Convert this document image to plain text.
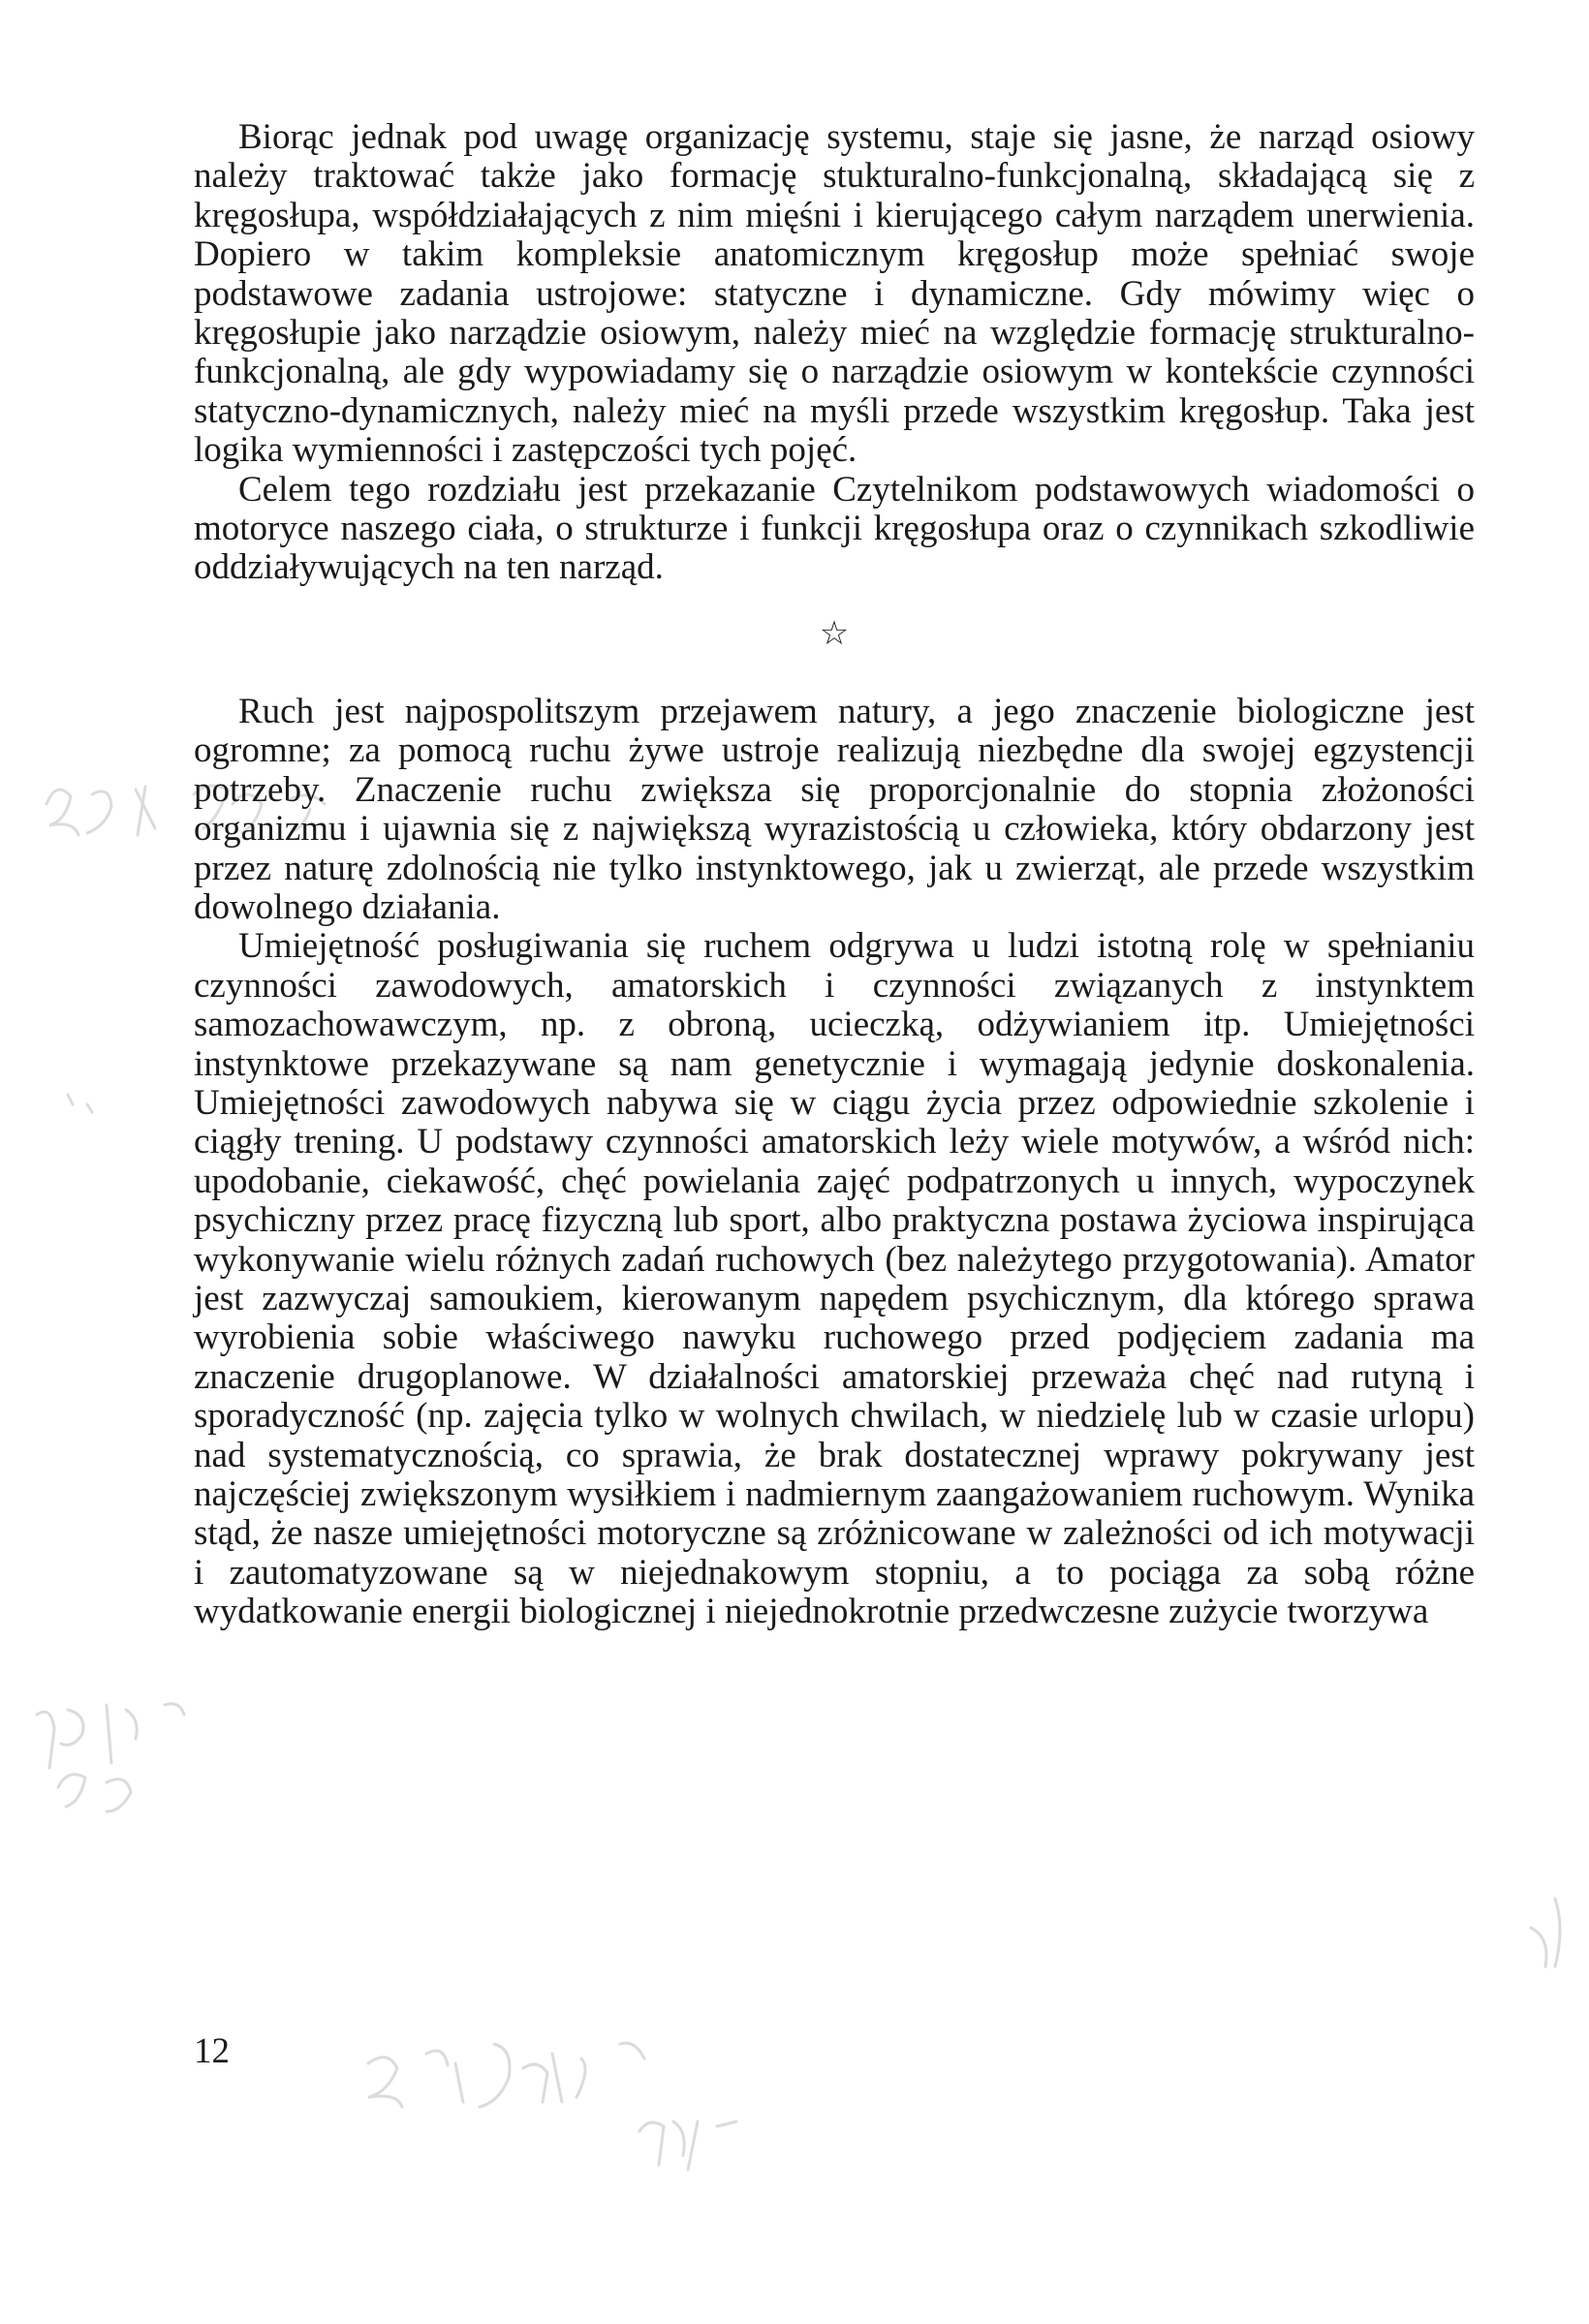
Biorąc jednak pod uwagę organizację systemu, staje się jasne, że narząd osiowy należy traktować także jako formację stukturalno-funkcjonalną, składającą się z kręgosłupa, współdziałających z nim mięśni i kierującego całym narządem unerwienia. Dopiero w takim kompleksie anatomicznym kręgosłup może spełniać swoje podstawowe zadania ustrojowe: statyczne i dynamiczne. Gdy mówimy więc o kręgosłupie jako narządzie osiowym, należy mieć na względzie formację strukturalno-funkcjonalną, ale gdy wypowiadamy się o narządzie osiowym w kontekście czynności statyczno-dynamicznych, należy mieć na myśli przede wszystkim kręgosłup. Taka jest logika wymienności i zastępczości tych pojęć.

Celem tego rozdziału jest przekazanie Czytelnikom podstawowych wiadomości o motoryce naszego ciała, o strukturze i funkcji kręgosłupa oraz o czynnikach szkodliwie oddziaływujących na ten narząd.

☆

Ruch jest najpospolitszym przejawem natury, a jego znaczenie biologiczne jest ogromne; za pomocą ruchu żywe ustroje realizują niezbędne dla swojej egzystencji potrzeby. Znaczenie ruchu zwiększa się proporcjonalnie do stopnia złożoności organizmu i ujawnia się z największą wyrazistością u człowieka, który obdarzony jest przez naturę zdolnością nie tylko instynktowego, jak u zwierząt, ale przede wszystkim dowolnego działania.

Umiejętność posługiwania się ruchem odgrywa u ludzi istotną rolę w spełnianiu czynności zawodowych, amatorskich i czynności związanych z instynktem samozachowawczym, np. z obroną, ucieczką, odżywianiem itp. Umiejętności instynktowe przekazywane są nam genetycznie i wymagają jedynie doskonalenia. Umiejętności zawodowych nabywa się w ciągu życia przez odpowiednie szkolenie i ciągły trening. U podstawy czynności amatorskich leży wiele motywów, a wśród nich: upodobanie, ciekawość, chęć powielania zajęć podpatrzonych u innych, wypoczynek psychiczny przez pracę fizyczną lub sport, albo praktyczna postawa życiowa inspirująca wykonywanie wielu różnych zadań ruchowych (bez należytego przygotowania). Amator jest zazwyczaj samoukiem, kierowanym napędem psychicznym, dla którego sprawa wyrobienia sobie właściwego nawyku ruchowego przed podjęciem zadania ma znaczenie drugoplanowe. W działalności amatorskiej przeważa chęć nad rutyną i sporadyczność (np. zajęcia tylko w wolnych chwilach, w niedzielę lub w czasie urlopu) nad systematycznością, co sprawia, że brak dostatecznej wprawy pokrywany jest najczęściej zwiększonym wysiłkiem i nadmiernym zaangażowaniem ruchowym. Wynika stąd, że nasze umiejętności motoryczne są zróżnicowane w zależności od ich motywacji i zautomatyzowane są w niejednakowym stopniu, a to pociąga za sobą różne wydatkowanie energii biologicznej i niejednokrotnie przedwczesne zużycie tworzywa

12
